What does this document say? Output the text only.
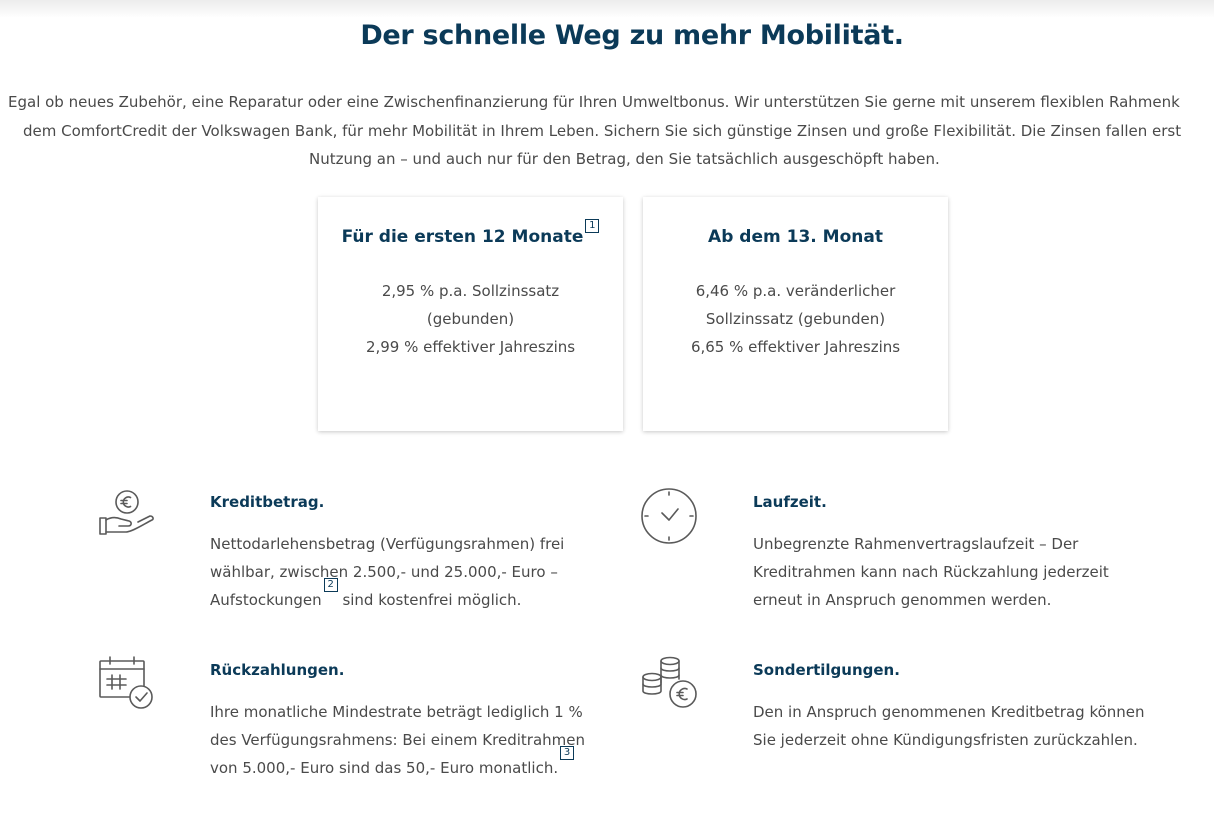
Der schnelle Weg zu mehr Mobilität.
Egal ob neues Zubehör, eine Reparatur oder eine Zwischenfinanzierung für Ihren Umweltbonus. Wir unterstützen Sie gerne mit unserem flexiblen Rahmenk
dem ComfortCredit der Volkswagen Bank, für mehr Mobilität in Ihrem Leben. Sichern Sie sich günstige Zinsen und große Flexibilität. Die Zinsen fallen erst
Nutzung an – und auch nur für den Betrag, den Sie tatsächlich ausgeschöpft haben.
Für die ersten 12 Monate1
2,95 % p.a. Sollzinssatz
(gebunden)
2,99 % effektiver Jahreszins
Ab dem 13. Monat
6,46 % p.a. veränderlicher
Sollzinssatz (gebunden)
6,65 % effektiver Jahreszins
Kreditbetrag.
Nettodarlehensbetrag (Verfügungsrahmen) frei
wählbar, zwischen 2.500,- und 25.000,- Euro –
Aufstockungen2 sind kostenfrei möglich.
Laufzeit.
Unbegrenzte Rahmenvertragslaufzeit – Der
Kreditrahmen kann nach Rückzahlung jederzeit
erneut in Anspruch genommen werden.
Rückzahlungen.
Ihre monatliche Mindestrate beträgt lediglich 1 %
des Verfügungsrahmens: Bei einem Kreditrahmen
von 5.000,- Euro sind das 50,- Euro monatlich.3
Sondertilgungen.
Den in Anspruch genommenen Kreditbetrag können
Sie jederzeit ohne Kündigungsfristen zurückzahlen.
